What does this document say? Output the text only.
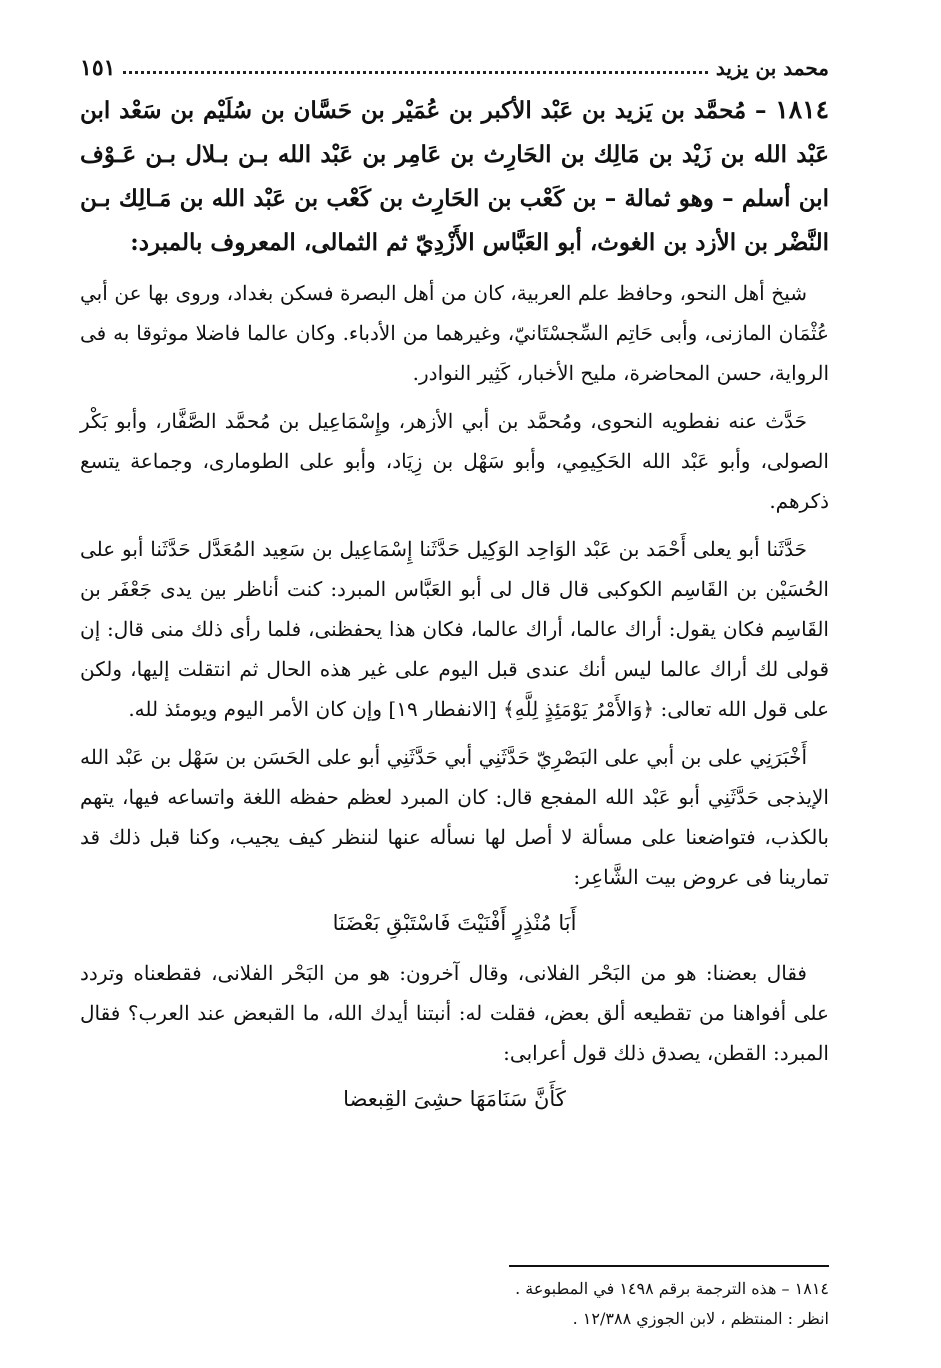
محمد بن يزيد
١٥١
١٨١٤ – مُحمَّد بن يَزيد بن عَبْد الأكبر بن عُمَيْر بن حَسَّان بن سُلَيْم بن سَعْد ابن عَبْد الله بن زَيْد بن مَالِك بن الحَارِث بن عَامِر بن عَبْد الله بـن بـلال بـن عَـوْف ابن أسلم – وهو ثمالة – بن كَعْب بن الحَارِث بن كَعْب بن عَبْد الله بن مَـالِك بـن النَّضْر بن الأزد بن الغوث، أبو العَبَّاس الأَزْدِيّ ثم الثمالى، المعروف بالمبرد:
شيخ أهل النحو، وحافظ علم العربية، كان من أهل البصرة فسكن بغداد، وروى بها عن أبي عُثْمَان المازنى، وأبى حَاتِم السِّجسْتَانيّ، وغيرهما من الأدباء. وكان عالما فاضلا موثوقا به فى الرواية، حسن المحاضرة، مليح الأخبار، كَثِير النوادر.
حَدَّث عنه نفطويه النحوى، ومُحمَّد بن أبي الأزهر، وإِسْمَاعِيل بن مُحمَّد الصَّفَّار، وأبو بَكْر الصولى، وأبو عَبْد الله الحَكِيمِي، وأبو سَهْل بن زِيَاد، وأبو على الطومارى، وجماعة يتسع ذكرهم.
حَدَّثَنا أبو يعلى أَحْمَد بن عَبْد الوَاحِد الوَكِيل حَدَّثَنا إِسْمَاعِيل بن سَعِيد المُعَدَّل حَدَّثَنا أبو على الحُسَيْن بن القَاسِم الكوكبى قال قال لى أبو العَبَّاس المبرد: كنت أناظر بين يدى جَعْفَر بن القَاسِم فكان يقول: أراك عالما، أراك عالما، فكان هذا يحفظنى، فلما رأى ذلك منى قال: إن قولى لك أراك عالما ليس أنك عندى قبل اليوم على غير هذه الحال ثم انتقلت إليها، ولكن على قول الله تعالى: ﴿وَالأَمْرُ يَوْمَئِذٍ لِلَّهِ﴾ [الانفطار ١٩] وإن كان الأمر اليوم ويومئذ لله.
أَخْبَرَنِي على بن أبي على البَصْرِيّ حَدَّثَنِي أبي حَدَّثَنِي أبو على الحَسَن بن سَهْل بن عَبْد الله الإيذجى حَدَّثَنِي أبو عَبْد الله المفجع قال: كان المبرد لعظم حفظه اللغة واتساعه فيها، يتهم بالكذب، فتواضعنا على مسألة لا أصل لها نسأله عنها لننظر كيف يجيب، وكنا قبل ذلك قد تمارينا فى عروض بيت الشَّاعِر:
أَبَا مُنْذِرٍ أَفْنَيْتَ فَاسْتَبْقِ بَعْضَنَا
فقال بعضنا: هو من البَحْر الفلانى، وقال آخرون: هو من البَحْر الفلانى، فقطعناه وتردد على أفواهنا من تقطيعه ألق بعض، فقلت له: أنبتنا أيدك الله، ما القبعض عند العرب؟ فقال المبرد: القطن، يصدق ذلك قول أعرابى:
كَأَنَّ سَنَامَهَا حشِىَ القِبعضا
١٨١٤ – هذه الترجمة برقم ١٤٩٨ في المطبوعة .
انظر : المنتظم ، لابن الجوزي ١٢/٣٨٨ .
